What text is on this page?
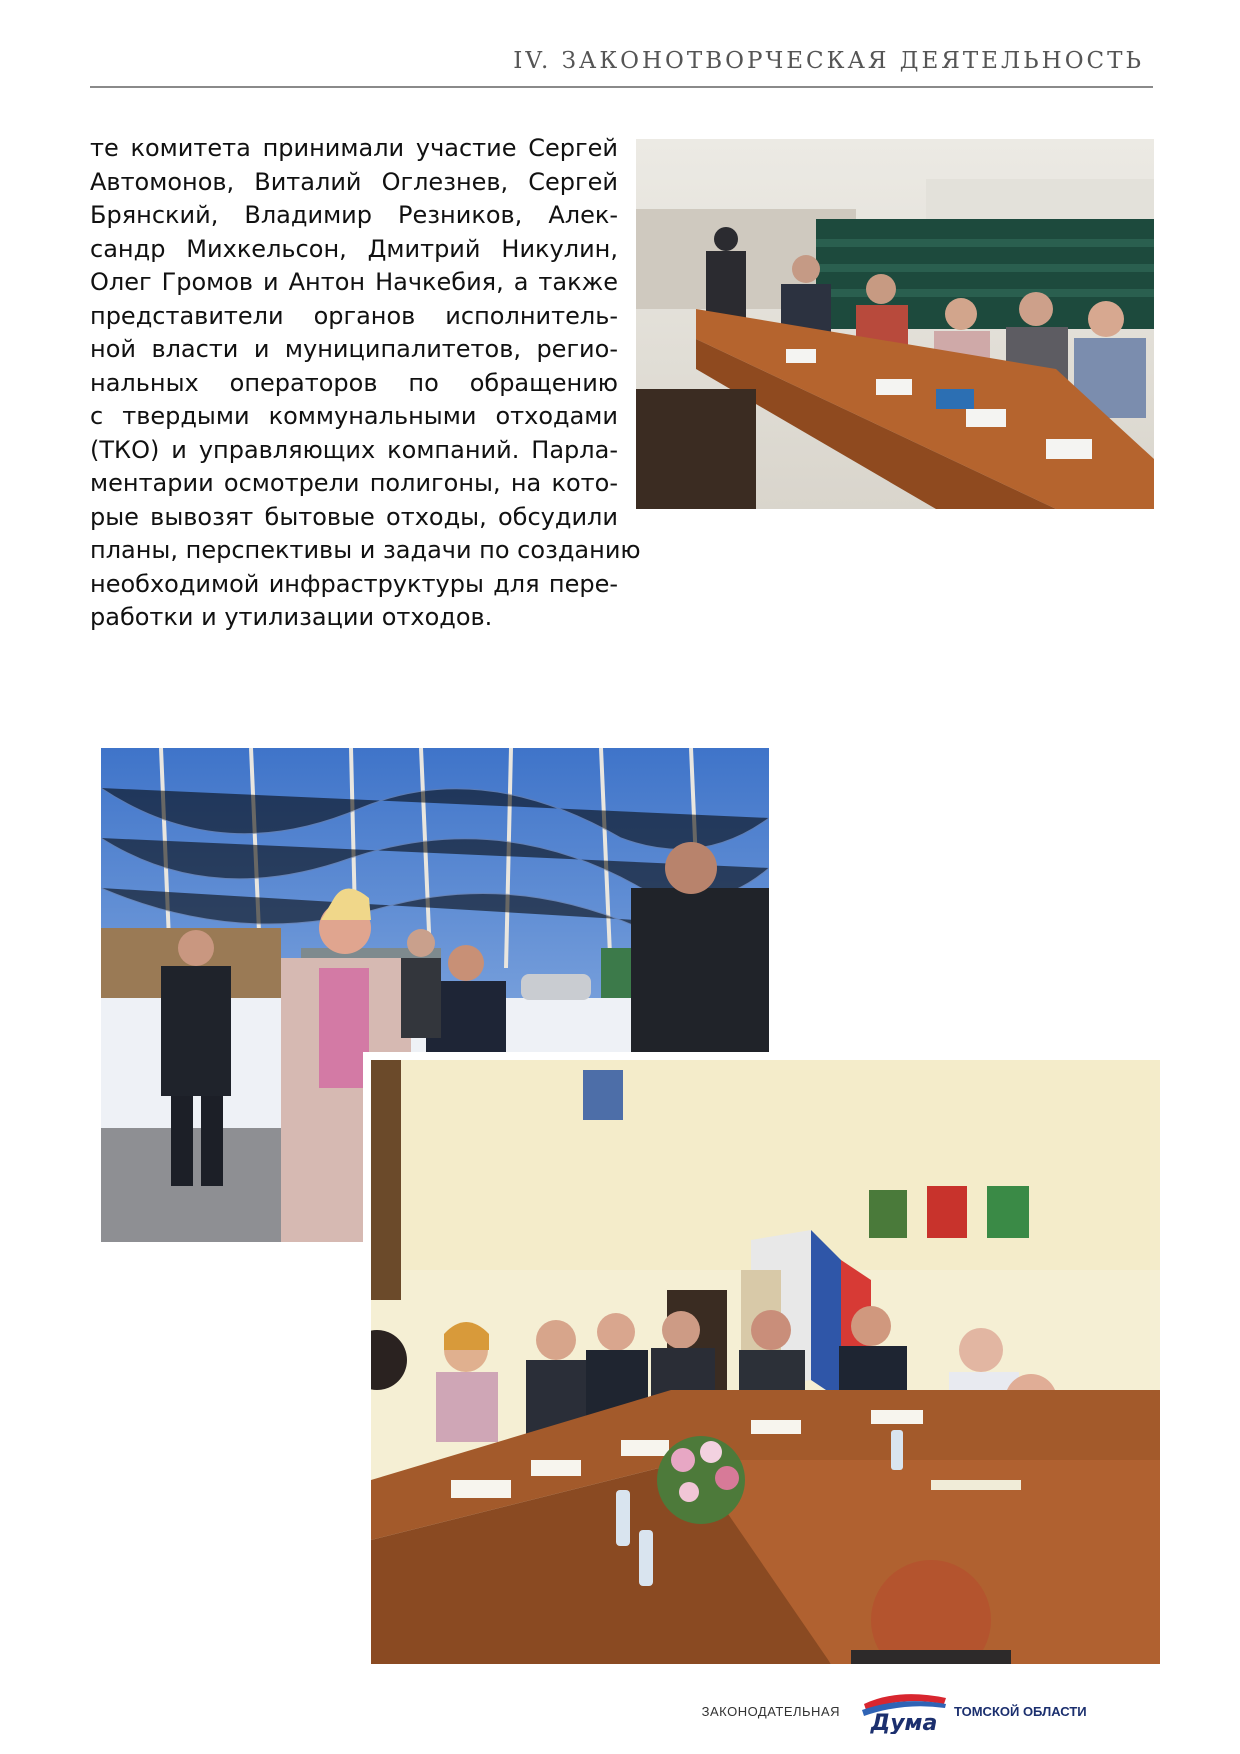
IV. ЗАКОНОТВОРЧЕСКАЯ ДЕЯТЕЛЬНОСТЬ
те комитета принимали участие Сергей
Автомонов, Виталий Оглезнев, Сергей
Брянский, Владимир Резников, Алек-
сандр Михкельсон, Дмитрий Никулин,
Олег Громов и Антон Начкебия, а также
представители органов исполнитель-
ной власти и муниципалитетов, регио-
нальных операторов по обращению
с твердыми коммунальными отходами
(ТКО) и управляющих компаний. Парла-
ментарии осмотрели полигоны, на кото-
рые вывозят бытовые отходы, обсудили
планы, перспективы и задачи по созданию
необходимой инфраструктуры для пере-
работки и утилизации отходов.
ЗАКОНОДАТЕЛЬНАЯ Дума ТОМСКОЙ ОБЛАСТИ
